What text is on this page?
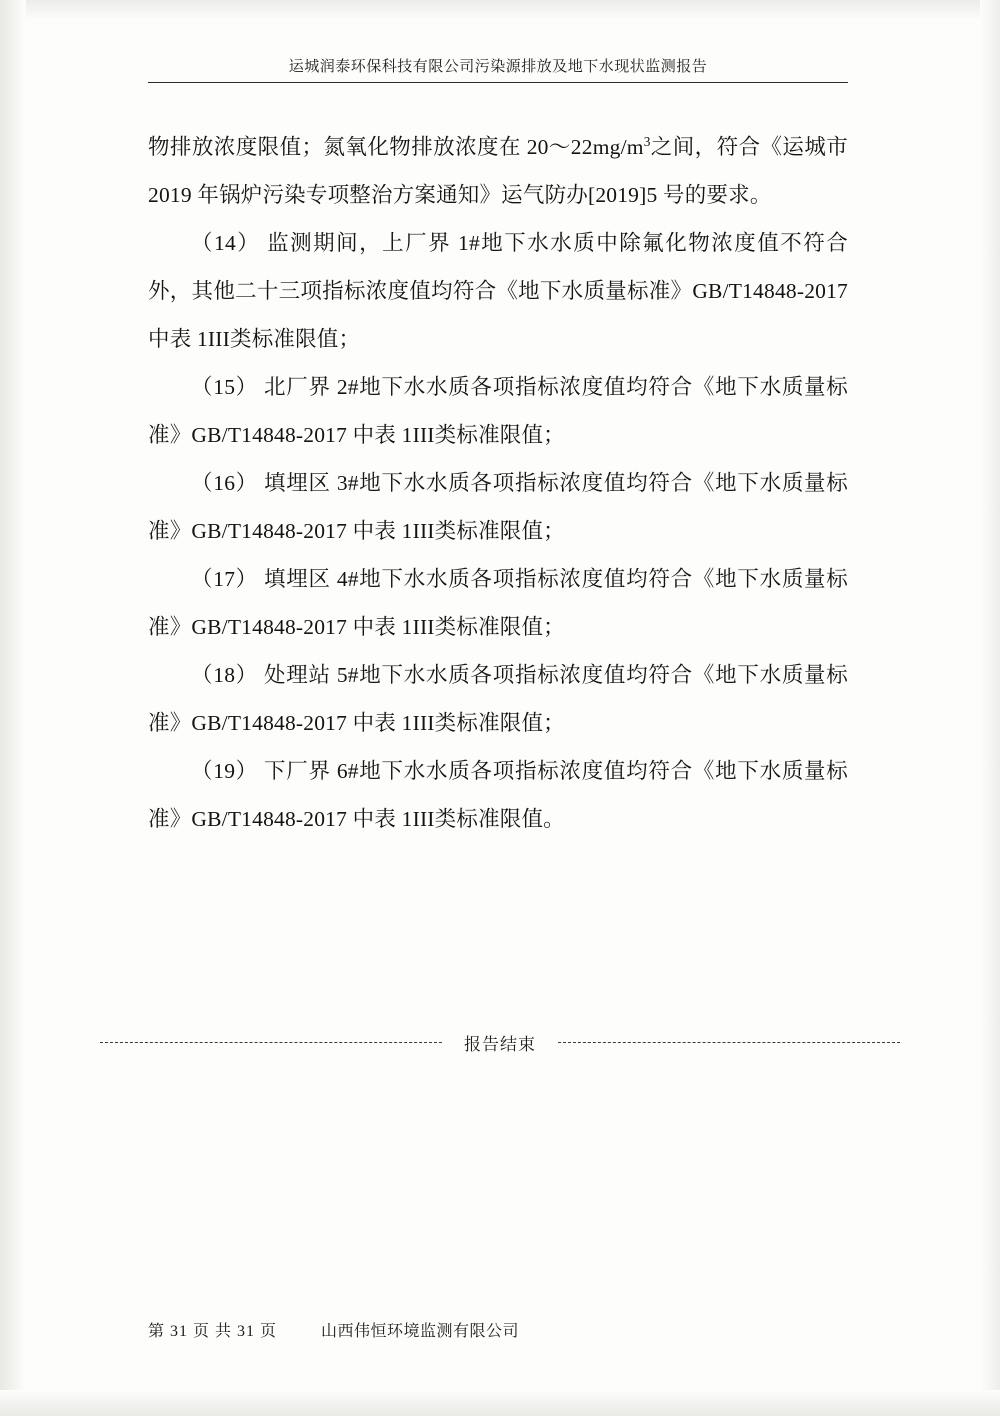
运城润泰环保科技有限公司污染源排放及地下水现状监测报告

物排放浓度限值；氮氧化物排放浓度在 $20\sim 22mg/m^3$之间，符合《运城市 2019 年锅炉污染专项整治方案通知》运气防办[2019]5 号的要求。

（14） 监测期间，上厂界 1#地下水水质中除氟化物浓度值不符合外，其他二十三项指标浓度值均符合《地下水质量标准》GB/T14848-2017 中表 1III类标准限值；

（15） 北厂界 2#地下水水质各项指标浓度值均符合《地下水质量标准》GB/T14848-2017 中表 1III类标准限值；

（16） 填埋区 3#地下水水质各项指标浓度值均符合《地下水质量标准》GB/T14848-2017 中表 1III类标准限值；

（17） 填埋区 4#地下水水质各项指标浓度值均符合《地下水质量标准》GB/T14848-2017 中表 1III类标准限值；

（18） 处理站 5#地下水水质各项指标浓度值均符合《地下水质量标准》GB/T14848-2017 中表 1III类标准限值；

（19） 下厂界 6#地下水水质各项指标浓度值均符合《地下水质量标准》GB/T14848-2017 中表 1III类标准限值。

报告结束
第 31 页 共 31 页	山西伟恒环境监测有限公司
